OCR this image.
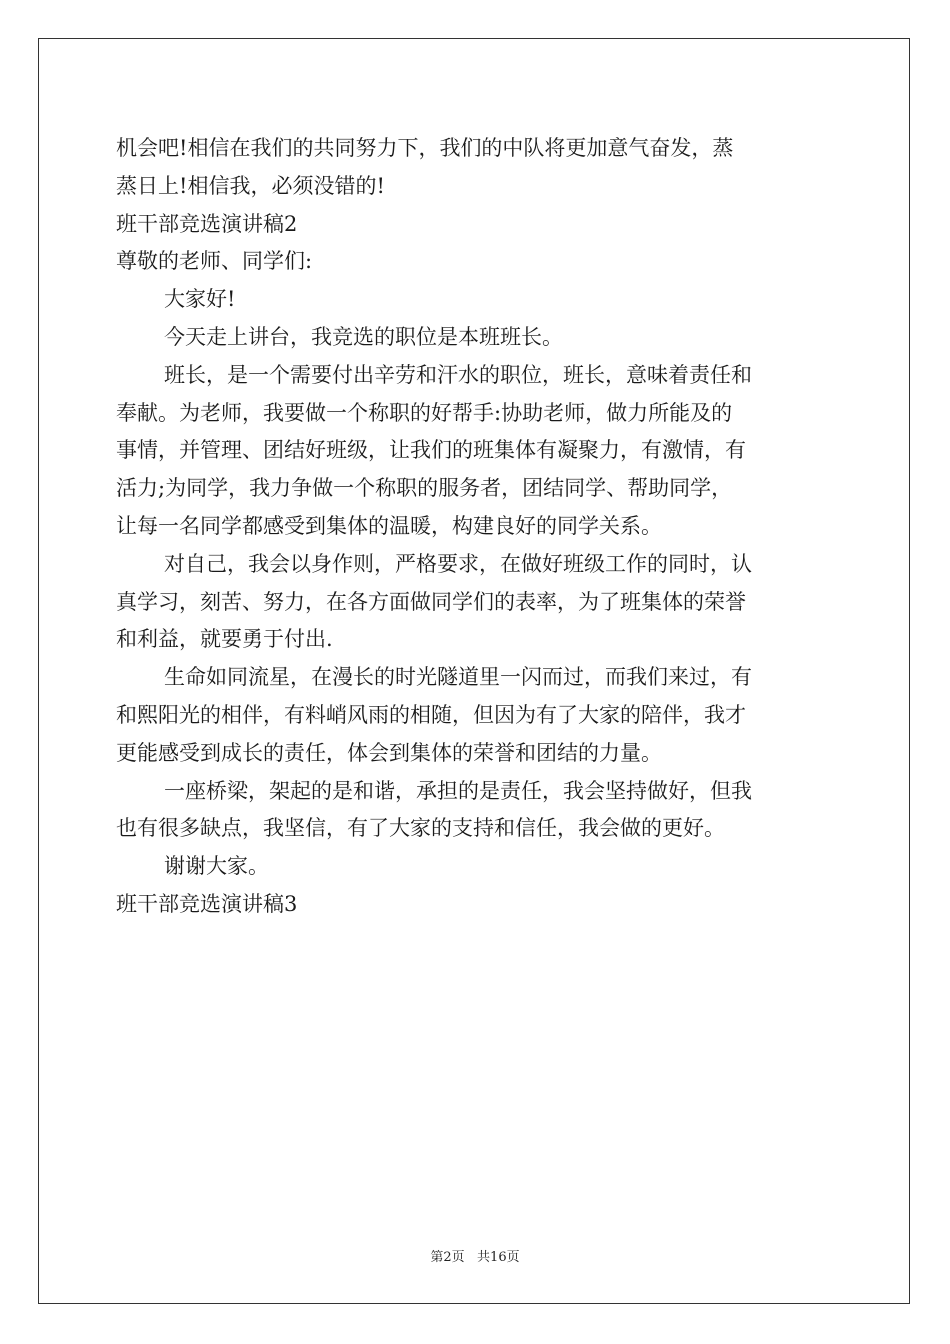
机会吧!相信在我们的共同努力下，我们的中队将更加意气奋发，蒸
蒸日上!相信我，必须没错的!
班干部竞选演讲稿2
尊敬的老师、同学们:
大家好!
今天走上讲台，我竞选的职位是本班班长。
班长，是一个需要付出辛劳和汗水的职位，班长，意味着责任和
奉献。为老师，我要做一个称职的好帮手:协助老师，做力所能及的
事情，并管理、团结好班级，让我们的班集体有凝聚力，有激情，有
活力;为同学，我力争做一个称职的服务者，团结同学、帮助同学，
让每一名同学都感受到集体的温暖，构建良好的同学关系。
对自己，我会以身作则，严格要求，在做好班级工作的同时，认
真学习，刻苦、努力，在各方面做同学们的表率，为了班集体的荣誉
和利益，就要勇于付出.
生命如同流星，在漫长的时光隧道里一闪而过，而我们来过，有
和熙阳光的相伴，有料峭风雨的相随，但因为有了大家的陪伴，我才
更能感受到成长的责任，体会到集体的荣誉和团结的力量。
一座桥梁，架起的是和谐，承担的是责任，我会坚持做好，但我
也有很多缺点，我坚信，有了大家的支持和信任，我会做的更好。
谢谢大家。
班干部竞选演讲稿3
第2页   共16页
